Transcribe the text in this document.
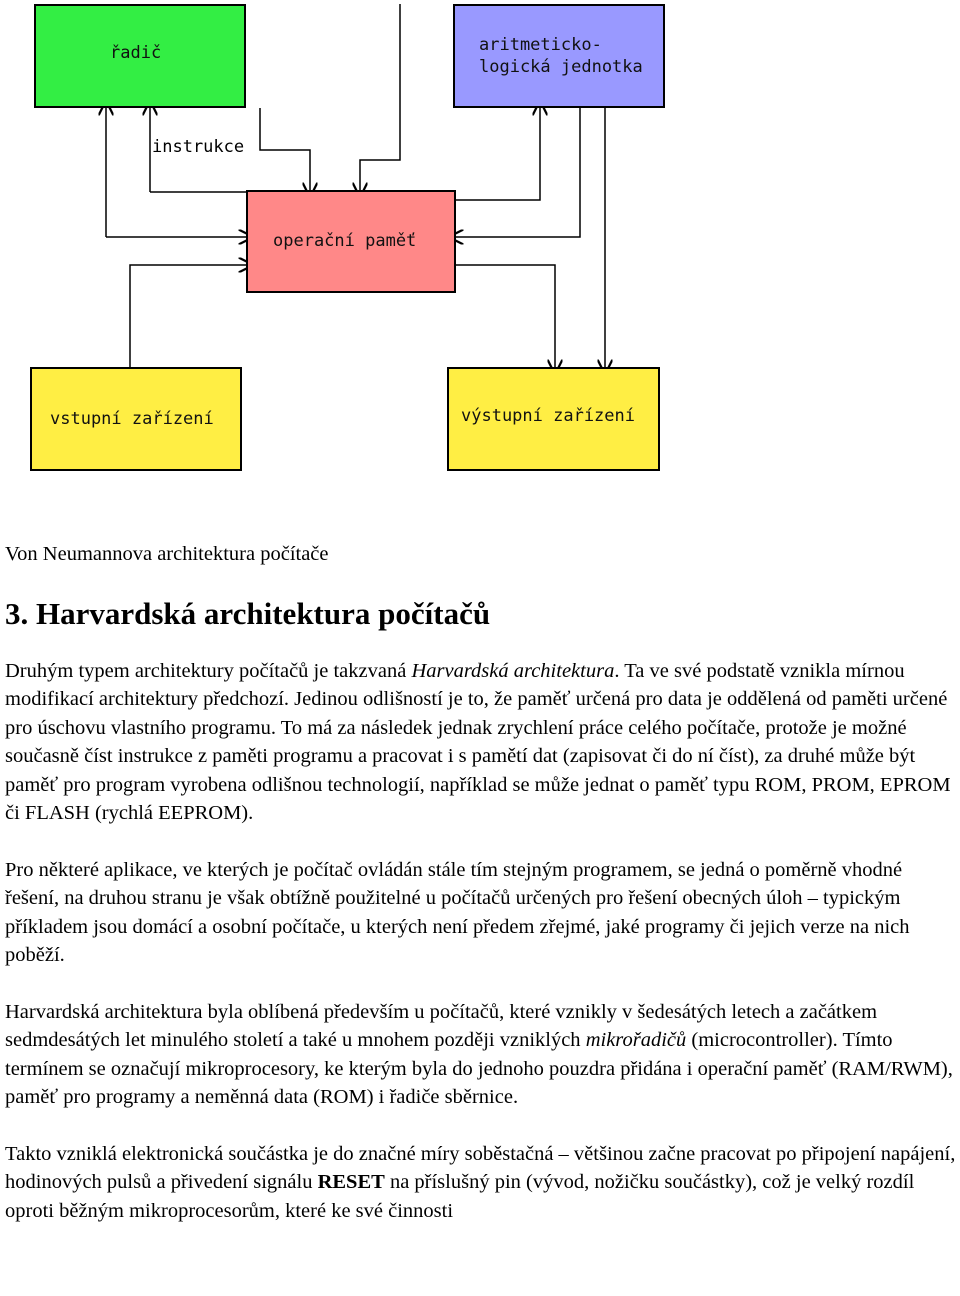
řadič	aritmeticko-
logická jednotka
operační paměť
vstupní zařízení	výstupní zařízení
instrukce

Von Neumannova architektura počítače

3. Harvardská architektura počítačů

Druhým typem architektury počítačů je takzvaná Harvardská architektura. Ta ve své podstatě vznikla mírnou modifikací architektury předchozí. Jedinou odlišností je to, že paměť určená pro data je oddělená od paměti určené pro úschovu vlastního programu. To má za následek jednak zrychlení práce celého počítače, protože je možné současně číst instrukce z paměti programu a pracovat i s pamětí dat (zapisovat či do ní číst), za druhé může být paměť pro program vyrobena odlišnou technologií, například se může jednat o paměť typu ROM, PROM, EPROM či FLASH (rychlá EEPROM).

Pro některé aplikace, ve kterých je počítač ovládán stále tím stejným programem, se jedná o poměrně vhodné řešení, na druhou stranu je však obtížně použitelné u počítačů určených pro řešení obecných úloh – typickým příkladem jsou domácí a osobní počítače, u kterých není předem zřejmé, jaké programy či jejich verze na nich poběží.

Harvardská architektura byla oblíbená především u počítačů, které vznikly v šedesátých letech a začátkem sedmdesátých let minulého století a také u mnohem později vzniklých mikrořadičů (microcontroller). Tímto termínem se označují mikroprocesory, ke kterým byla do jednoho pouzdra přidána i operační paměť (RAM/RWM), paměť pro programy a neměnná data (ROM) i řadiče sběrnice.

Takto vzniklá elektronická součástka je do značné míry soběstačná – většinou začne pracovat po připojení napájení, hodinových pulsů a přivedení signálu RESET na příslušný pin (vývod, nožičku součástky), což je velký rozdíl oproti běžným mikroprocesorům, které ke své činnosti
